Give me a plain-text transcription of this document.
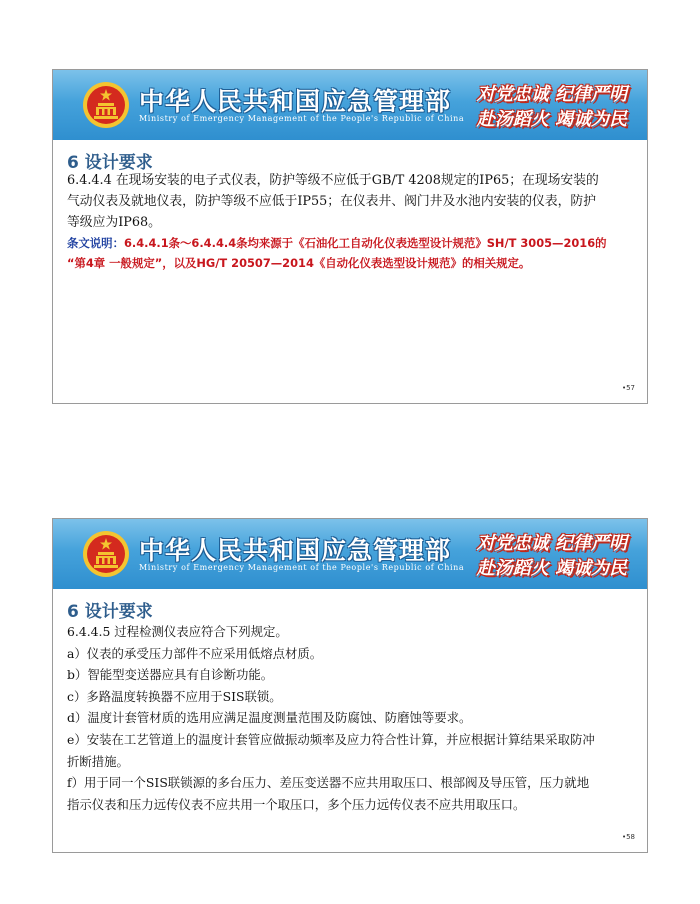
中华人民共和国应急管理部
Ministry of Emergency Management of the People's Republic of China
对党忠诚 纪律严明
赴汤蹈火 竭诚为民
6 设计要求
6.4.4.4 在现场安装的电子式仪表，防护等级不应低于GB/T 4208规定的IP65；在现场安装的
气动仪表及就地仪表，防护等级不应低于IP55；在仪表井、阀门井及水池内安装的仪表，防护
等级应为IP68。
条文说明：6.4.4.1条～6.4.4.4条均来源于《石油化工自动化仪表选型设计规范》SH/T 3005—2016的
“第4章 一般规定”，以及HG/T 20507—2014《自动化仪表选型设计规范》的相关规定。
•57
中华人民共和国应急管理部
Ministry of Emergency Management of the People's Republic of China
对党忠诚 纪律严明
赴汤蹈火 竭诚为民
6 设计要求
6.4.4.5 过程检测仪表应符合下列规定。
a）仪表的承受压力部件不应采用低熔点材质。
b）智能型变送器应具有自诊断功能。
c）多路温度转换器不应用于SIS联锁。
d）温度计套管材质的选用应满足温度测量范围及防腐蚀、防磨蚀等要求。
e）安装在工艺管道上的温度计套管应做振动频率及应力符合性计算，并应根据计算结果采取防冲
折断措施。
f）用于同一个SIS联锁源的多台压力、差压变送器不应共用取压口、根部阀及导压管，压力就地
指示仪表和压力远传仪表不应共用一个取压口，多个压力远传仪表不应共用取压口。
•58
